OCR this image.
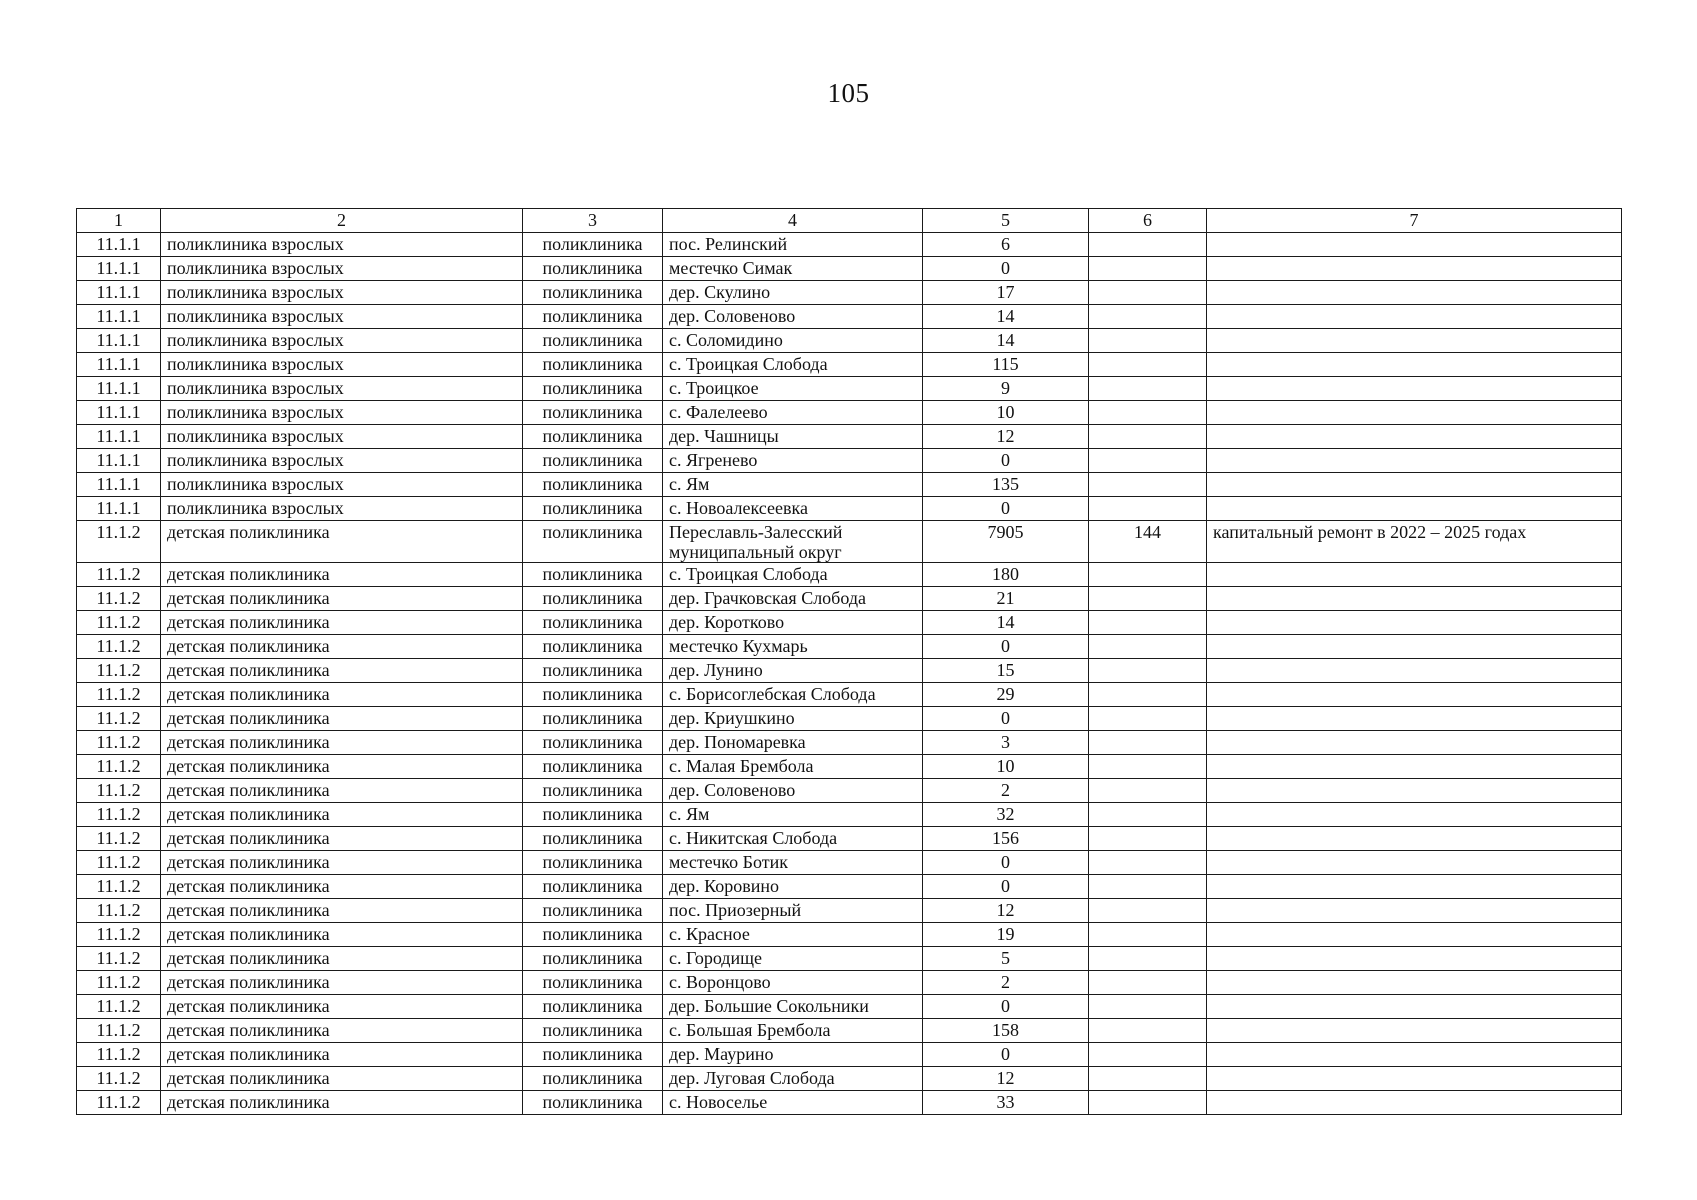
105
1	2	3	4	5	6	7
11.1.1	поликлиника взрослых	поликлиника	пос. Релинский	6		
11.1.1	поликлиника взрослых	поликлиника	местечко Симак	0		
11.1.1	поликлиника взрослых	поликлиника	дер. Скулино	17		
11.1.1	поликлиника взрослых	поликлиника	дер. Соловеново	14		
11.1.1	поликлиника взрослых	поликлиника	с. Соломидино	14		
11.1.1	поликлиника взрослых	поликлиника	с. Троицкая Слобода	115		
11.1.1	поликлиника взрослых	поликлиника	с. Троицкое	9		
11.1.1	поликлиника взрослых	поликлиника	с. Фалелеево	10		
11.1.1	поликлиника взрослых	поликлиника	дер. Чашницы	12		
11.1.1	поликлиника взрослых	поликлиника	с. Ягренево	0		
11.1.1	поликлиника взрослых	поликлиника	с. Ям	135		
11.1.1	поликлиника взрослых	поликлиника	с. Новоалексеевка	0		
11.1.2	детская поликлиника	поликлиника	Переславль-Залесский муниципальный округ	7905	144	капитальный ремонт в 2022 – 2025 годах
11.1.2	детская поликлиника	поликлиника	с. Троицкая Слобода	180		
11.1.2	детская поликлиника	поликлиника	дер. Грачковская Слобода	21		
11.1.2	детская поликлиника	поликлиника	дер. Коротково	14		
11.1.2	детская поликлиника	поликлиника	местечко Кухмарь	0		
11.1.2	детская поликлиника	поликлиника	дер. Лунино	15		
11.1.2	детская поликлиника	поликлиника	с. Борисоглебская Слобода	29		
11.1.2	детская поликлиника	поликлиника	дер. Криушкино	0		
11.1.2	детская поликлиника	поликлиника	дер. Пономаревка	3		
11.1.2	детская поликлиника	поликлиника	с. Малая Брембола	10		
11.1.2	детская поликлиника	поликлиника	дер. Соловеново	2		
11.1.2	детская поликлиника	поликлиника	с. Ям	32		
11.1.2	детская поликлиника	поликлиника	с. Никитская Слобода	156		
11.1.2	детская поликлиника	поликлиника	местечко Ботик	0		
11.1.2	детская поликлиника	поликлиника	дер. Коровино	0		
11.1.2	детская поликлиника	поликлиника	пос. Приозерный	12		
11.1.2	детская поликлиника	поликлиника	с. Красное	19		
11.1.2	детская поликлиника	поликлиника	с. Городище	5		
11.1.2	детская поликлиника	поликлиника	с. Воронцово	2		
11.1.2	детская поликлиника	поликлиника	дер. Большие Сокольники	0		
11.1.2	детская поликлиника	поликлиника	с. Большая Брембола	158		
11.1.2	детская поликлиника	поликлиника	дер. Маурино	0		
11.1.2	детская поликлиника	поликлиника	дер. Луговая Слобода	12		
11.1.2	детская поликлиника	поликлиника	с. Новоселье	33		
